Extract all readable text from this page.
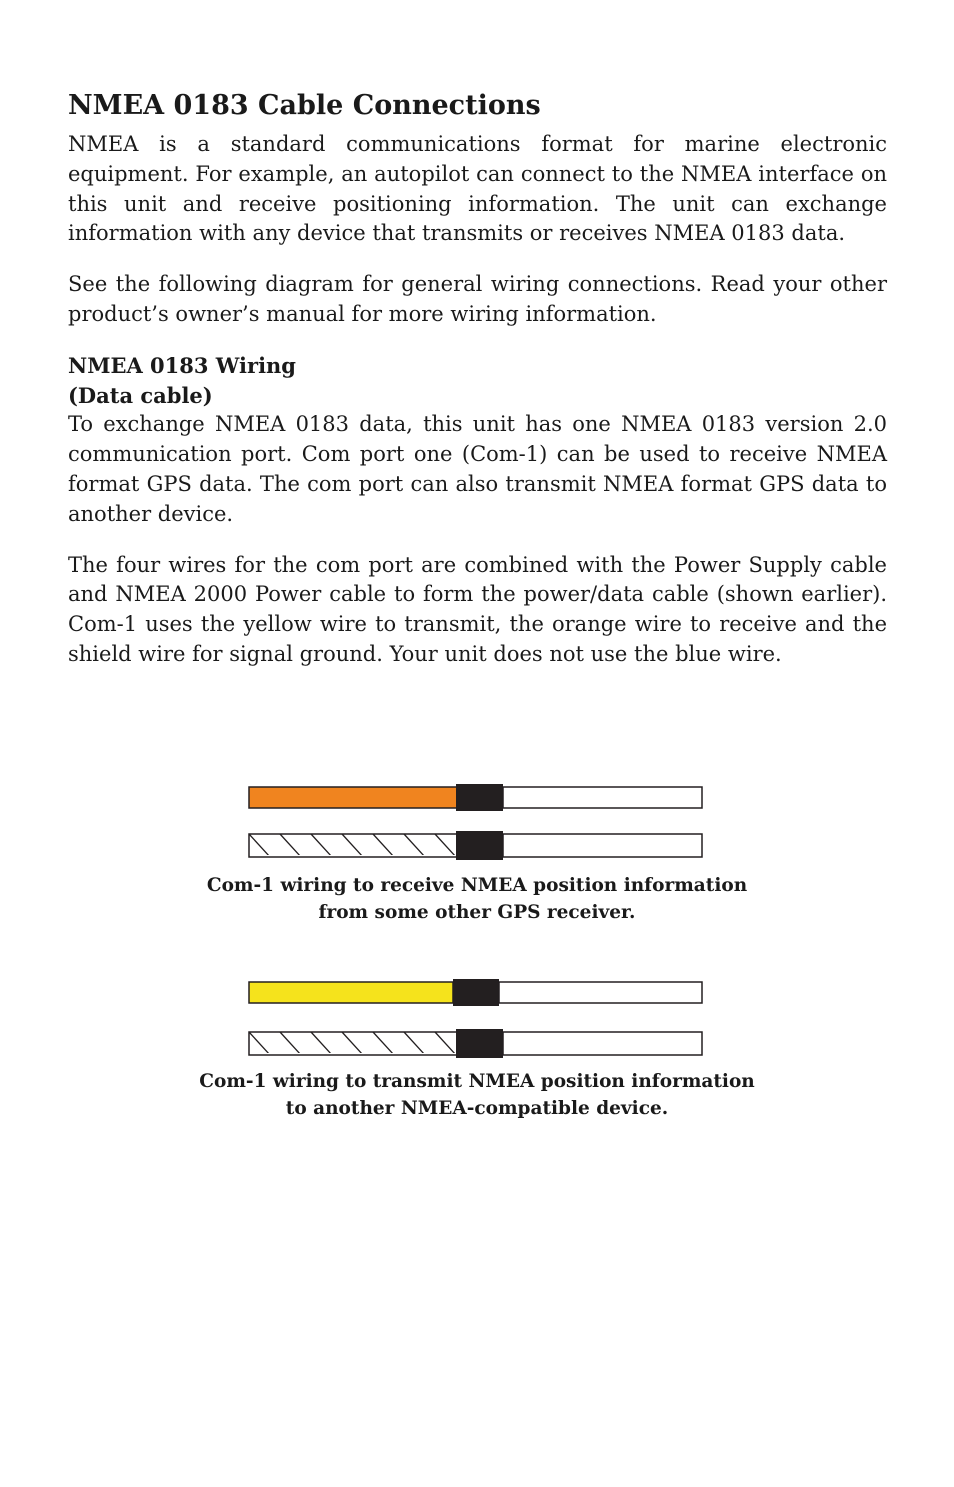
NMEA 0183 Cable Connections

NMEA is a standard communications format for marine electronic equipment. For example, an autopilot can connect to the NMEA interface on this unit and receive positioning information. The unit can exchange information with any device that transmits or receives NMEA 0183 data.

See the following diagram for general wiring connections. Read your other product’s owner’s manual for more wiring information.

NMEA 0183 Wiring
(Data cable)

To exchange NMEA 0183 data, this unit has one NMEA 0183 version 2.0 communication port. Com port one (Com-1) can be used to receive NMEA format GPS data. The com port can also transmit NMEA format GPS data to another device.

The four wires for the com port are combined with the Power Supply cable and NMEA 2000 Power cable to form the power/data cable (shown earlier). Com-1 uses the yellow wire to transmit, the orange wire to receive and the shield wire for signal ground. Your unit does not use the blue wire.

Com-1 wiring to receive NMEA position information
from some other GPS receiver.
Com-1 wiring to transmit NMEA position information
to another NMEA-compatible device.
